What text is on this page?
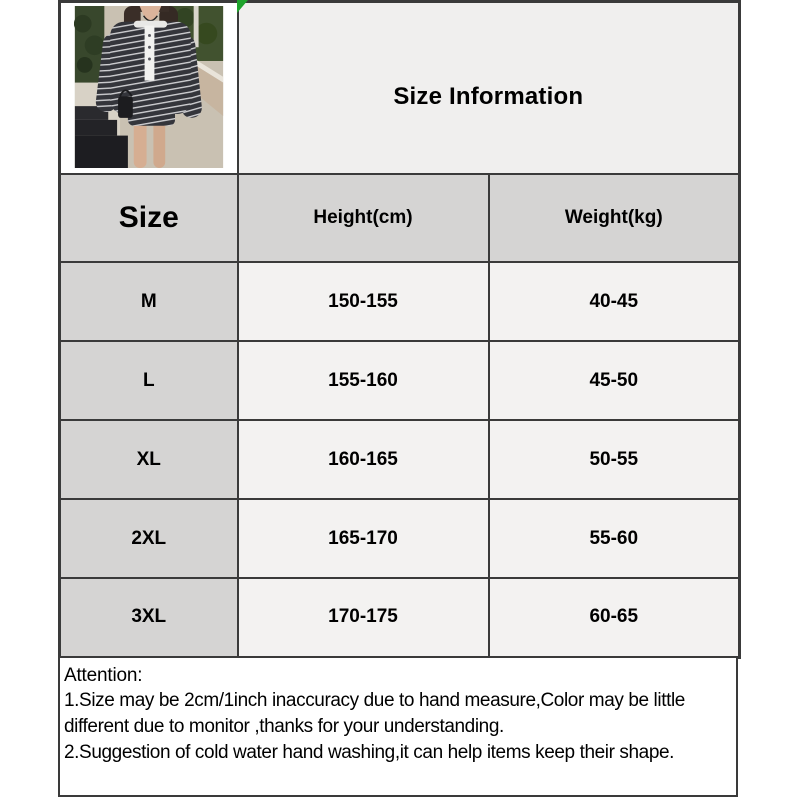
Size Information	

Size	Height(cm)	Weight(kg)
M	150-155	40-45
L	155-160	45-50
XL	160-165	50-55
2XL	165-170	55-60
3XL	170-175	60-65
Attention:
1.Size may be 2cm/1inch inaccuracy due to hand measure,Color may be little
different due to monitor ,thanks for your understanding.
2.Suggestion of cold water hand washing,it can help items keep their shape.
